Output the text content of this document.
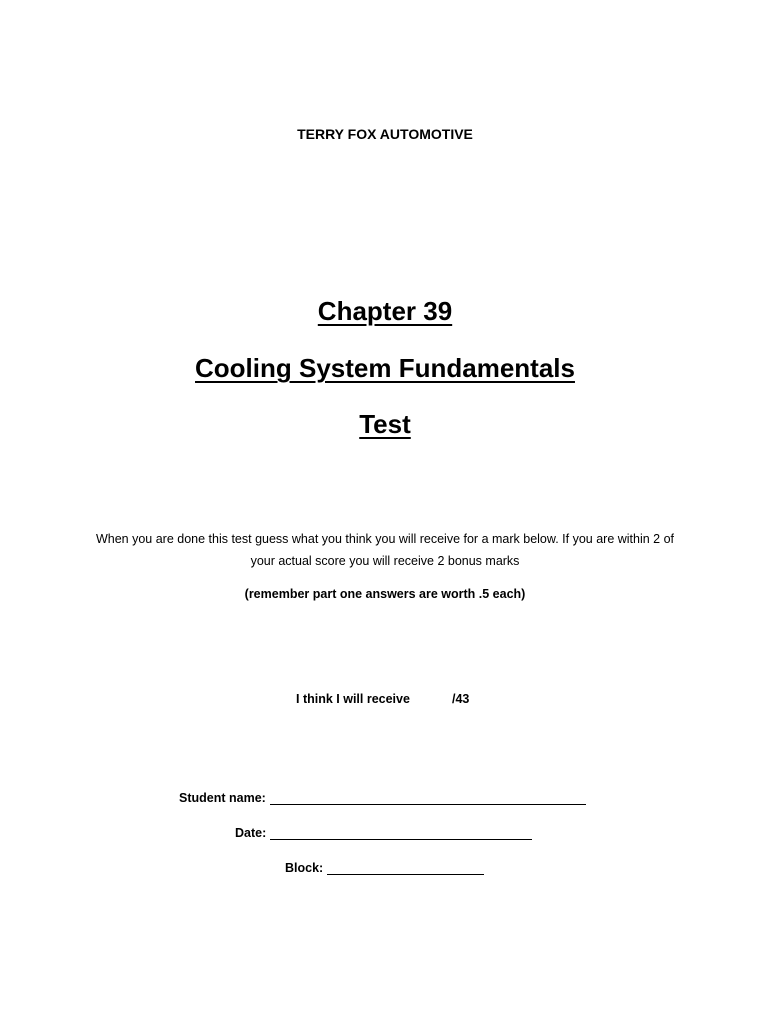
TERRY FOX AUTOMOTIVE
Chapter 39
Cooling System Fundamentals
Test
When you are done this test guess what you think you will receive for a mark below. If you are within 2 of your actual score you will receive 2 bonus marks
(remember part one answers are worth .5 each)
I think I will receive	/43
Student name:
Date:
Block:
